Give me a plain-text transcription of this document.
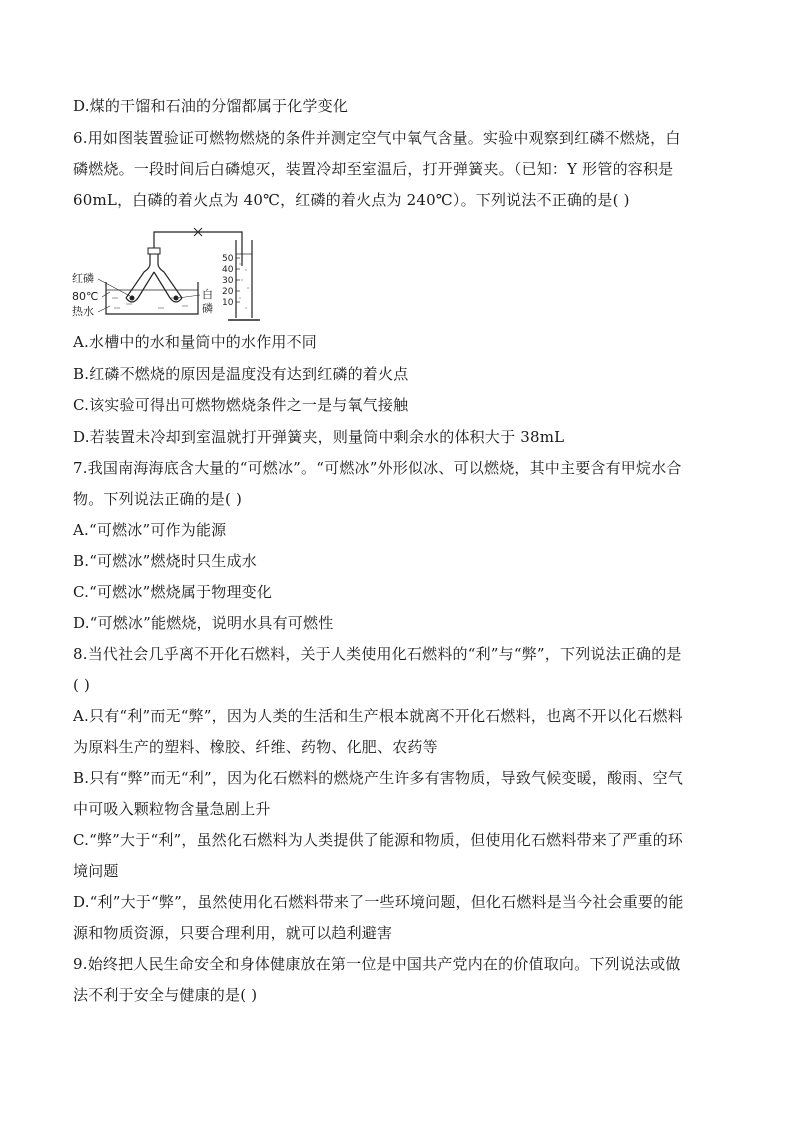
D.煤的干馏和石油的分馏都属于化学变化
6.用如图装置验证可燃物燃烧的条件并测定空气中氧气含量。实验中观察到红磷不燃烧，白
磷燃烧。一段时间后白磷熄灭，装置冷却至室温后，打开弹簧夹。（已知：Y 形管的容积是
60mL，白磷的着火点为 40℃，红磷的着火点为 240℃）。下列说法不正确的是( )
50
40
30
20
10
红磷
80℃
热水
白
磷
A.水槽中的水和量筒中的水作用不同
B.红磷不燃烧的原因是温度没有达到红磷的着火点
C.该实验可得出可燃物燃烧条件之一是与氧气接触
D.若装置未冷却到室温就打开弹簧夹，则量筒中剩余水的体积大于 38mL
7.我国南海海底含大量的“可燃冰”。“可燃冰”外形似冰、可以燃烧，其中主要含有甲烷水合
物。下列说法正确的是( )
A.“可燃冰”可作为能源
B.“可燃冰”燃烧时只生成水
C.“可燃冰”燃烧属于物理变化
D.“可燃冰”能燃烧，说明水具有可燃性
8.当代社会几乎离不开化石燃料，关于人类使用化石燃料的“利”与“弊”，下列说法正确的是
( )
A.只有“利”而无“弊”，因为人类的生活和生产根本就离不开化石燃料，也离不开以化石燃料
为原料生产的塑料、橡胶、纤维、药物、化肥、农药等
B.只有“弊”而无“利”，因为化石燃料的燃烧产生许多有害物质，导致气候变暖，酸雨、空气
中可吸入颗粒物含量急剧上升
C.“弊”大于“利”，虽然化石燃料为人类提供了能源和物质，但使用化石燃料带来了严重的环
境问题
D.“利”大于“弊”，虽然使用化石燃料带来了一些环境问题，但化石燃料是当今社会重要的能
源和物质资源，只要合理利用，就可以趋利避害
9.始终把人民生命安全和身体健康放在第一位是中国共产党内在的价值取向。下列说法或做
法不利于安全与健康的是( )
